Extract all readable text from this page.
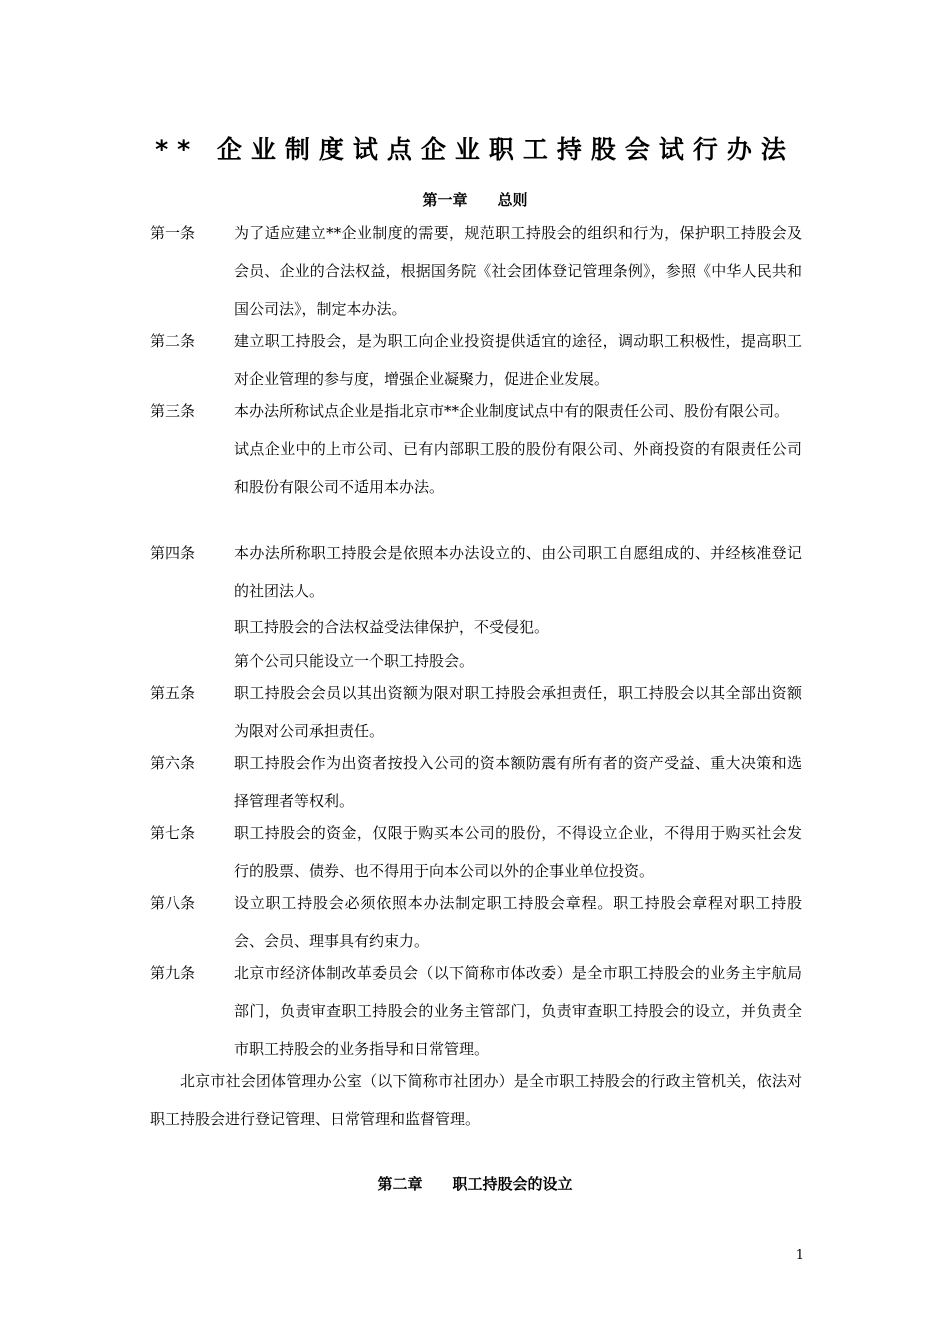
** 企业制度试点企业职工持股会试行办法
第一章　　总则
第一条	为了适应建立**企业制度的需要，规范职工持股会的组织和行为，保护职工持股会及会员、企业的合法权益，根据国务院《社会团体登记管理条例》，参照《中华人民共和国公司法》，制定本办法。

第二条	建立职工持股会，是为职工向企业投资提供适宜的途径，调动职工积极性，提高职工对企业管理的参与度，增强企业凝聚力，促进企业发展。

第三条	本办法所称试点企业是指北京市**企业制度试点中有的限责任公司、股份有限公司。

试点企业中的上市公司、已有内部职工股的股份有限公司、外商投资的有限责任公司和股份有限公司不适用本办法。

第四条	本办法所称职工持股会是依照本办法设立的、由公司职工自愿组成的、并经核准登记的社团法人。

职工持股会的合法权益受法律保护，不受侵犯。

第个公司只能设立一个职工持股会。

第五条	职工持股会会员以其出资额为限对职工持股会承担责任，职工持股会以其全部出资额为限对公司承担责任。

第六条	职工持股会作为出资者按投入公司的资本额防震有所有者的资产受益、重大决策和选择管理者等权利。

第七条	职工持股会的资金，仅限于购买本公司的股份，不得设立企业，不得用于购买社会发行的股票、债券、也不得用于向本公司以外的企事业单位投资。

第八条	设立职工持股会必须依照本办法制定职工持股会章程。职工持股会章程对职工持股会、会员、理事具有约束力。

第九条	北京市经济体制改革委员会（以下简称市体改委）是全市职工持股会的业务主宇航局部门，负责审查职工持股会的业务主管部门，负责审查职工持股会的设立，并负责全市职工持股会的业务指导和日常管理。

北京市社会团体管理办公室（以下简称市社团办）是全市职工持股会的行政主管机关，依法对职工持股会进行登记管理、日常管理和监督管理。

第二章　　职工持股会的设立
1
